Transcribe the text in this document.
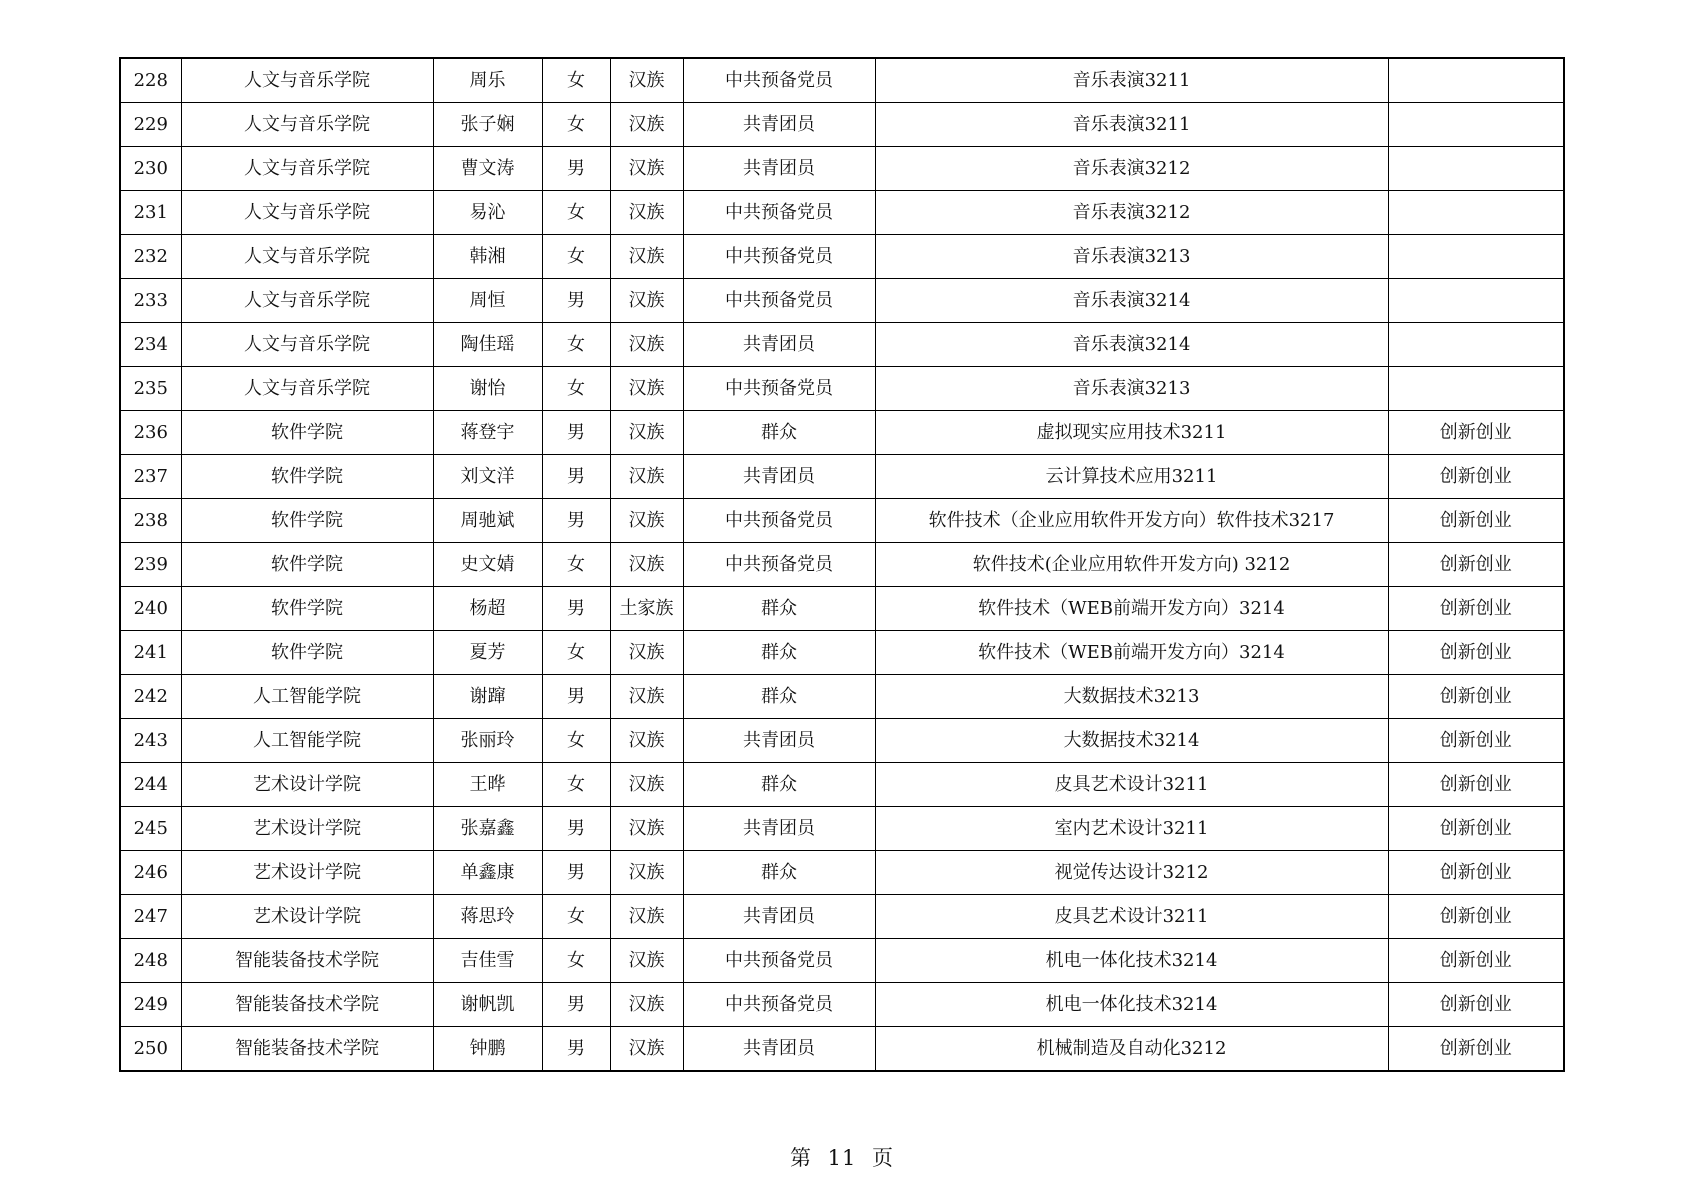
228	人文与音乐学院	周乐	女	汉族	中共预备党员	音乐表演3211	
229	人文与音乐学院	张子娴	女	汉族	共青团员	音乐表演3211	
230	人文与音乐学院	曹文涛	男	汉族	共青团员	音乐表演3212	
231	人文与音乐学院	易沁	女	汉族	中共预备党员	音乐表演3212	
232	人文与音乐学院	韩湘	女	汉族	中共预备党员	音乐表演3213	
233	人文与音乐学院	周恒	男	汉族	中共预备党员	音乐表演3214	
234	人文与音乐学院	陶佳瑶	女	汉族	共青团员	音乐表演3214	
235	人文与音乐学院	谢怡	女	汉族	中共预备党员	音乐表演3213	
236	软件学院	蒋登宇	男	汉族	群众	虚拟现实应用技术3211	创新创业
237	软件学院	刘文洋	男	汉族	共青团员	云计算技术应用3211	创新创业
238	软件学院	周驰斌	男	汉族	中共预备党员	软件技术（企业应用软件开发方向）软件技术3217	创新创业
239	软件学院	史文婧	女	汉族	中共预备党员	软件技术(企业应用软件开发方向) 3212	创新创业
240	软件学院	杨超	男	土家族	群众	软件技术（WEB前端开发方向）3214	创新创业
241	软件学院	夏芳	女	汉族	群众	软件技术（WEB前端开发方向）3214	创新创业
242	人工智能学院	谢蹿	男	汉族	群众	大数据技术3213	创新创业
243	人工智能学院	张丽玲	女	汉族	共青团员	大数据技术3214	创新创业
244	艺术设计学院	王晔	女	汉族	群众	皮具艺术设计3211	创新创业
245	艺术设计学院	张嘉鑫	男	汉族	共青团员	室内艺术设计3211	创新创业
246	艺术设计学院	单鑫康	男	汉族	群众	视觉传达设计3212	创新创业
247	艺术设计学院	蒋思玲	女	汉族	共青团员	皮具艺术设计3211	创新创业
248	智能装备技术学院	吉佳雪	女	汉族	中共预备党员	机电一体化技术3214	创新创业
249	智能装备技术学院	谢帆凯	男	汉族	中共预备党员	机电一体化技术3214	创新创业
250	智能装备技术学院	钟鹏	男	汉族	共青团员	机械制造及自动化3212	创新创业
第 11 页
